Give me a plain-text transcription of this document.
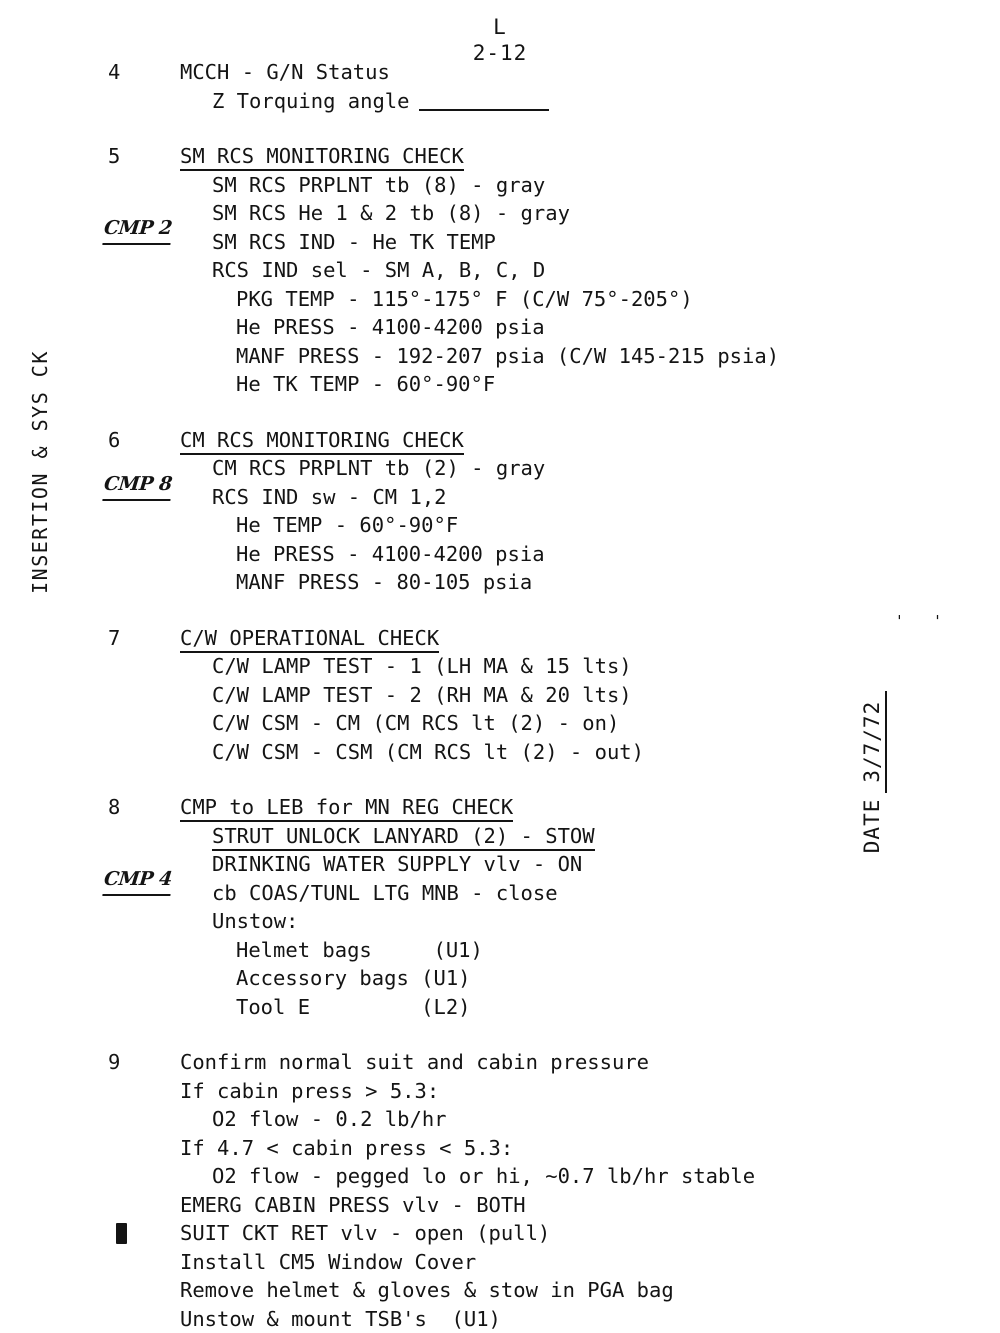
L
2-12
INSERTION & SYS CK
' '
DATE3/7/72
4	MCCH - G/N Status
Z Torquing angle
CMP 2
5	SM RCS MONITORING CHECK
SM RCS PRPLNT tb (8) - gray
SM RCS He 1 & 2 tb (8) - gray
SM RCS IND - He TK TEMP
RCS IND sel - SM A, B, C, D
PKG TEMP - 115°-175° F (C/W 75°-205°)
He PRESS - 4100-4200 psia
MANF PRESS - 192-207 psia (C/W 145-215 psia)
He TK TEMP - 60°-90°F
CMP 8
6	CM RCS MONITORING CHECK
CM RCS PRPLNT tb (2) - gray
RCS IND sw - CM 1,2
He TEMP - 60°-90°F
He PRESS - 4100-4200 psia
MANF PRESS - 80-105 psia
7	C/W OPERATIONAL CHECK
C/W LAMP TEST - 1 (LH MA & 15 lts)
C/W LAMP TEST - 2 (RH MA & 20 lts)
C/W CSM - CM (CM RCS lt (2) - on)
C/W CSM - CSM (CM RCS lt (2) - out)
CMP 4
8	CMP to LEB for MN REG CHECK
STRUT UNLOCK LANYARD (2) - STOW
DRINKING WATER SUPPLY vlv - ON
cb COAS/TUNL LTG MNB - close
Unstow:
Helmet bags     (U1)
Accessory bags (U1)
Tool E         (L2)
9	Confirm normal suit and cabin pressure
If cabin press > 5.3:
O2 flow - 0.2 lb/hr
If 4.7 < cabin press < 5.3:
O2 flow - pegged lo or hi, ∼0.7 lb/hr stable
EMERG CABIN PRESS vlv - BOTH
SUIT CKT RET vlv - open (pull)
Install CM5 Window Cover
Remove helmet & gloves & stow in PGA bag
Unstow & mount TSB's  (U1)
